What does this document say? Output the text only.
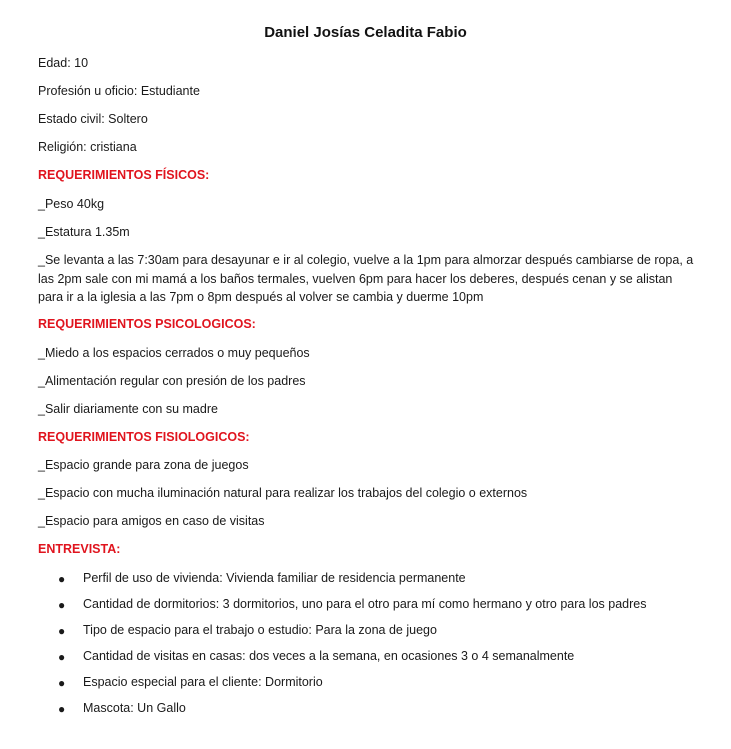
Daniel Josías Celadita Fabio
Edad: 10
Profesión u oficio: Estudiante
Estado civil: Soltero
Religión: cristiana
REQUERIMIENTOS FÍSICOS:
_Peso 40kg
_Estatura 1.35m
_Se levanta a las 7:30am para desayunar e ir al colegio, vuelve a la 1pm para almorzar después cambiarse de ropa, a
las 2pm sale con mi mamá a los baños termales, vuelven 6pm para hacer los deberes, después cenan y se alistan
para ir a la iglesia a las 7pm o 8pm después al volver se cambia y duerme 10pm
REQUERIMIENTOS PSICOLOGICOS:
_Miedo a los espacios cerrados o muy pequeños
_Alimentación regular con presión de los padres
_Salir diariamente con su madre
REQUERIMIENTOS FISIOLOGICOS:
_Espacio grande para zona de juegos
_Espacio con mucha iluminación natural para realizar los trabajos del colegio o externos
_Espacio para amigos en caso de visitas
ENTREVISTA:
● Perfil de uso de vivienda: Vivienda familiar de residencia permanente
● Cantidad de dormitorios: 3 dormitorios, uno para el otro para mí como hermano y otro para los padres
● Tipo de espacio para el trabajo o estudio: Para la zona de juego
● Cantidad de visitas en casas: dos veces a la semana, en ocasiones 3 o 4 semanalmente
● Espacio especial para el cliente: Dormitorio
● Mascota: Un Gallo
